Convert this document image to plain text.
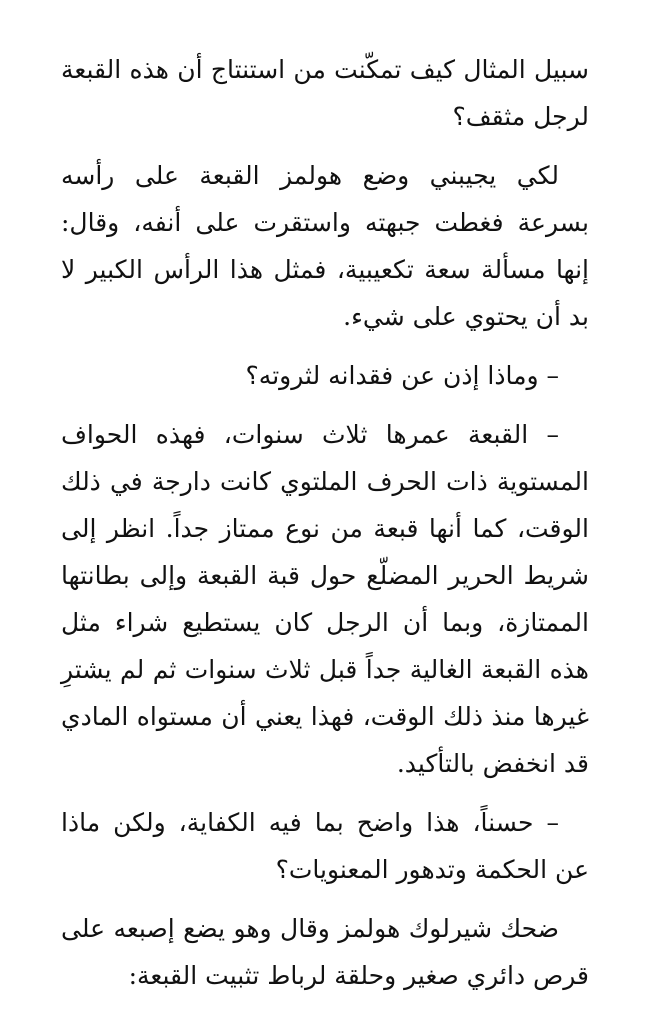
سبيل المثال كيف تمكّنت من استنتاج أن هذه القبعة لرجل مثقف؟

لكي يجيبني وضع هولمز القبعة على رأسه بسرعة فغطت جبهته واستقرت على أنفه، وقال: إنها مسألة سعة تكعيبية، فمثل هذا الرأس الكبير لا بد أن يحتوي على شيء.

– وماذا إذن عن فقدانه لثروته؟

– القبعة عمرها ثلاث سنوات، فهذه الحواف المستوية ذات الحرف الملتوي كانت دارجة في ذلك الوقت، كما أنها قبعة من نوع ممتاز جداً. انظر إلى شريط الحرير المضلّع حول قبة القبعة وإلى بطانتها الممتازة، وبما أن الرجل كان يستطيع شراء مثل هذه القبعة الغالية جداً قبل ثلاث سنوات ثم لم يشترِ غيرها منذ ذلك الوقت، فهذا يعني أن مستواه المادي قد انخفض بالتأكيد.

– حسناً، هذا واضح بما فيه الكفاية، ولكن ماذا عن الحكمة وتدهور المعنويات؟

ضحك شيرلوك هولمز وقال وهو يضع إصبعه على قرص دائري صغير وحلقة لرباط تثبيت القبعة:
